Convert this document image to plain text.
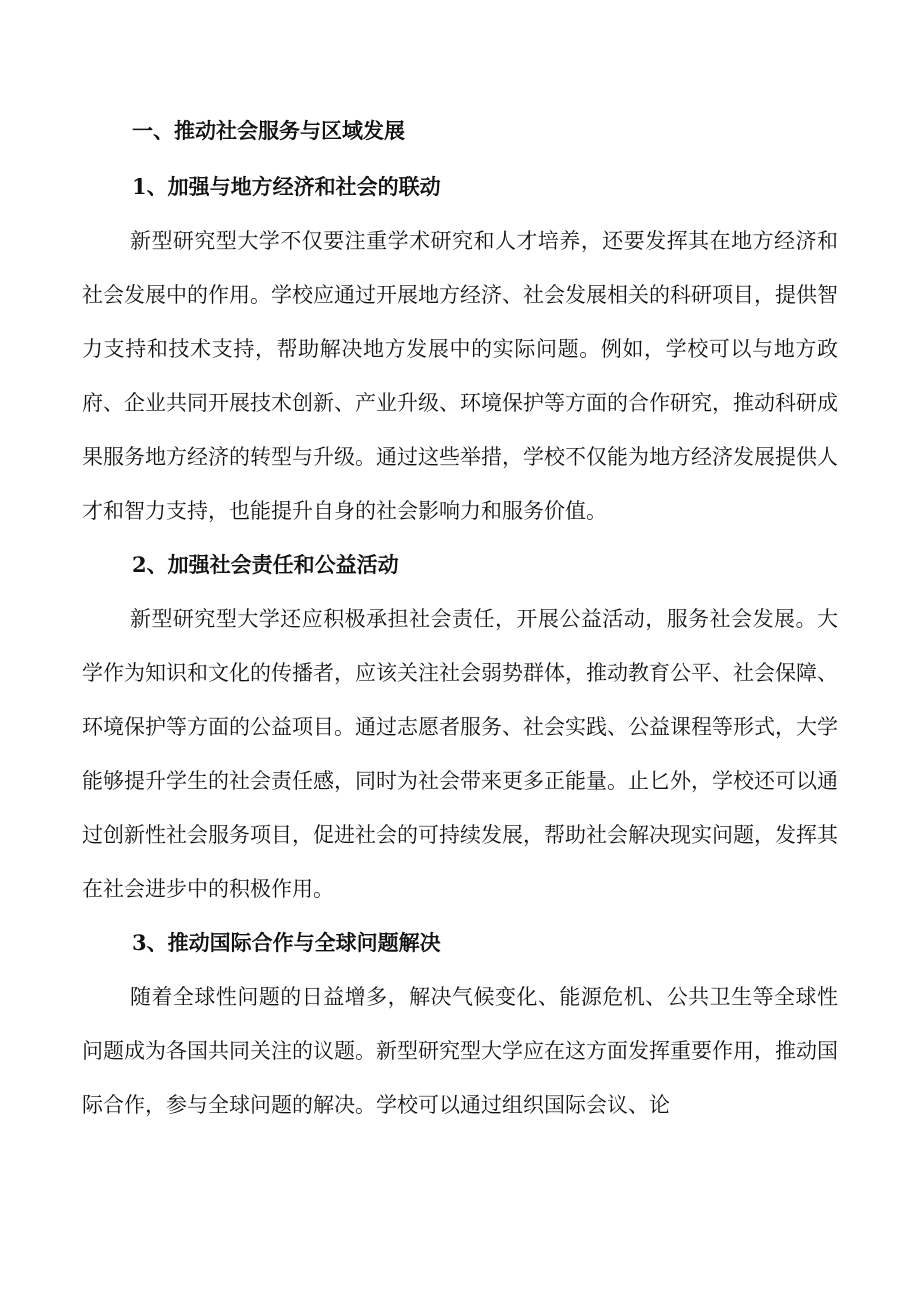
一、推动社会服务与区域发展
1、加强与地方经济和社会的联动

新型研究型大学不仅要注重学术研究和人才培养，还要发挥其在地方经济和社会发展中的作用。学校应通过开展地方经济、社会发展相关的科研项目，提供智力支持和技术支持，帮助解决地方发展中的实际问题。例如，学校可以与地方政府、企业共同开展技术创新、产业升级、环境保护等方面的合作研究，推动科研成果服务地方经济的转型与升级。通过这些举措，学校不仅能为地方经济发展提供人才和智力支持，也能提升自身的社会影响力和服务价值。

2、加强社会责任和公益活动

新型研究型大学还应积极承担社会责任，开展公益活动，服务社会发展。大学作为知识和文化的传播者，应该关注社会弱势群体，推动教育公平、社会保障、环境保护等方面的公益项目。通过志愿者服务、社会实践、公益课程等形式，大学能够提升学生的社会责任感，同时为社会带来更多正能量。止匕外，学校还可以通过创新性社会服务项目，促进社会的可持续发展，帮助社会解决现实问题，发挥其在社会进步中的积极作用。

3、推动国际合作与全球问题解决

随着全球性问题的日益增多，解决气候变化、能源危机、公共卫生等全球性问题成为各国共同关注的议题。新型研究型大学应在这方面发挥重要作用，推动国际合作，参与全球问题的解决。学校可以通过组织国际会议、论
